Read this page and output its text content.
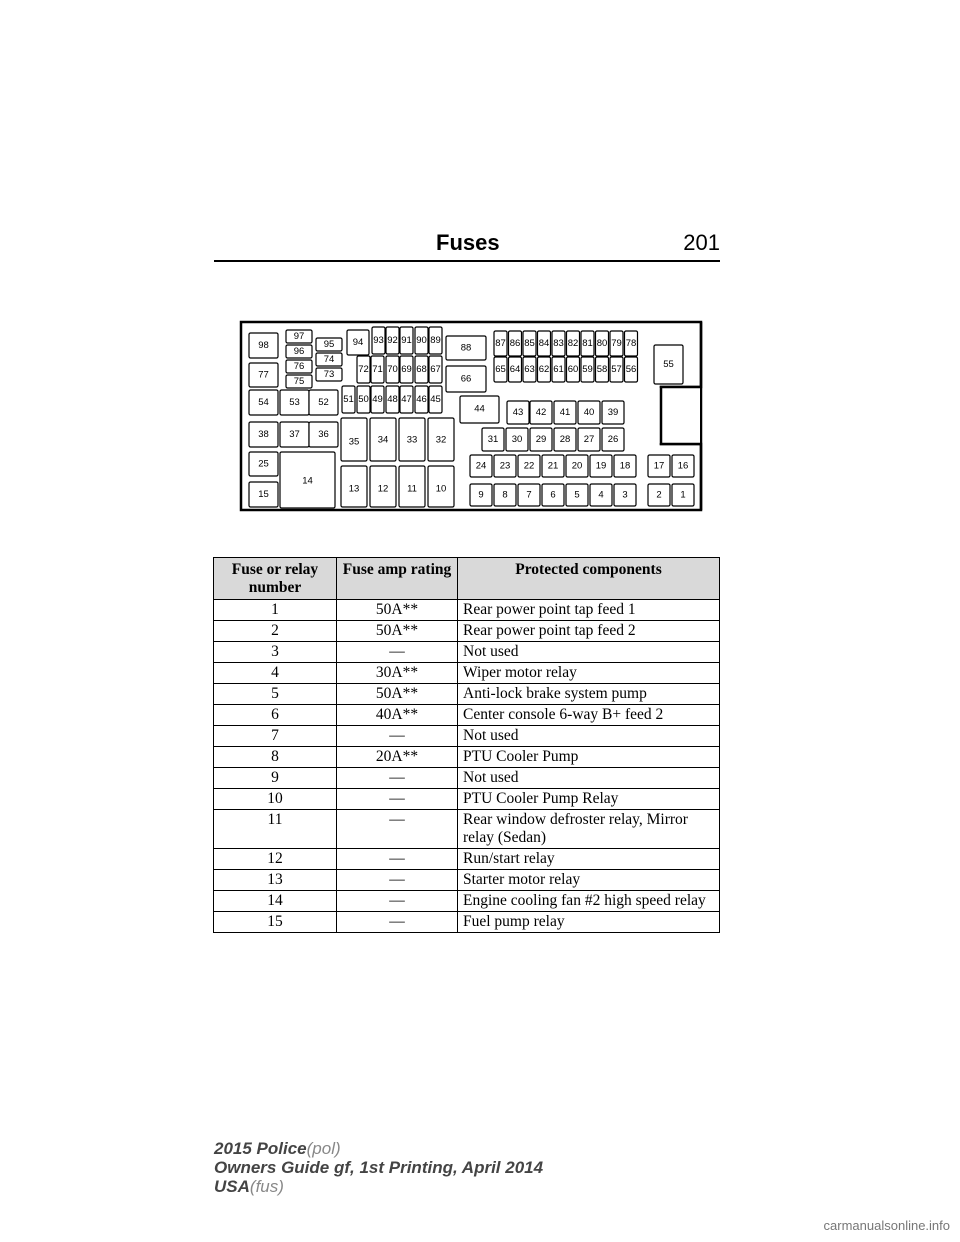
Fuses	201
98
97
96
95 94 93 92 91 90 89
88	87 86 85 84 83 82 81 80 79 78
77
76
75
74
73	72 71 70 69 68 67
66
65 64 63 62 61 60 59 58 57 56	55
54 53 52 51 50 49 48 47 46 45
44	43 42 41 40 39
38 37 36
35 34 33 32	31 30 29 28 27 26
25	24 23 22 21 20 19 18 17 16
15
14
13 12 11 10
9 8 7 6 5 4 3	2 1
Fuse or relay number	Fuse amp rating	Protected components
1	50A**	Rear power point tap feed 1
2	50A**	Rear power point tap feed 2
3	—	Not used
4	30A**	Wiper motor relay
5	50A**	Anti-lock brake system pump
6	40A**	Center console 6-way B+ feed 2
7	—	Not used
8	20A**	PTU Cooler Pump
9	—	Not used
10	—	PTU Cooler Pump Relay
11	—	Rear window defroster relay, Mirror relay (Sedan)
12	—	Run/start relay
13	—	Starter motor relay
14	—	Engine cooling fan #2 high speed relay
15	—	Fuel pump relay
2015 Police(pol)
Owners Guide gf, 1st Printing, April 2014
USA(fus)
carmanualsonline.info
